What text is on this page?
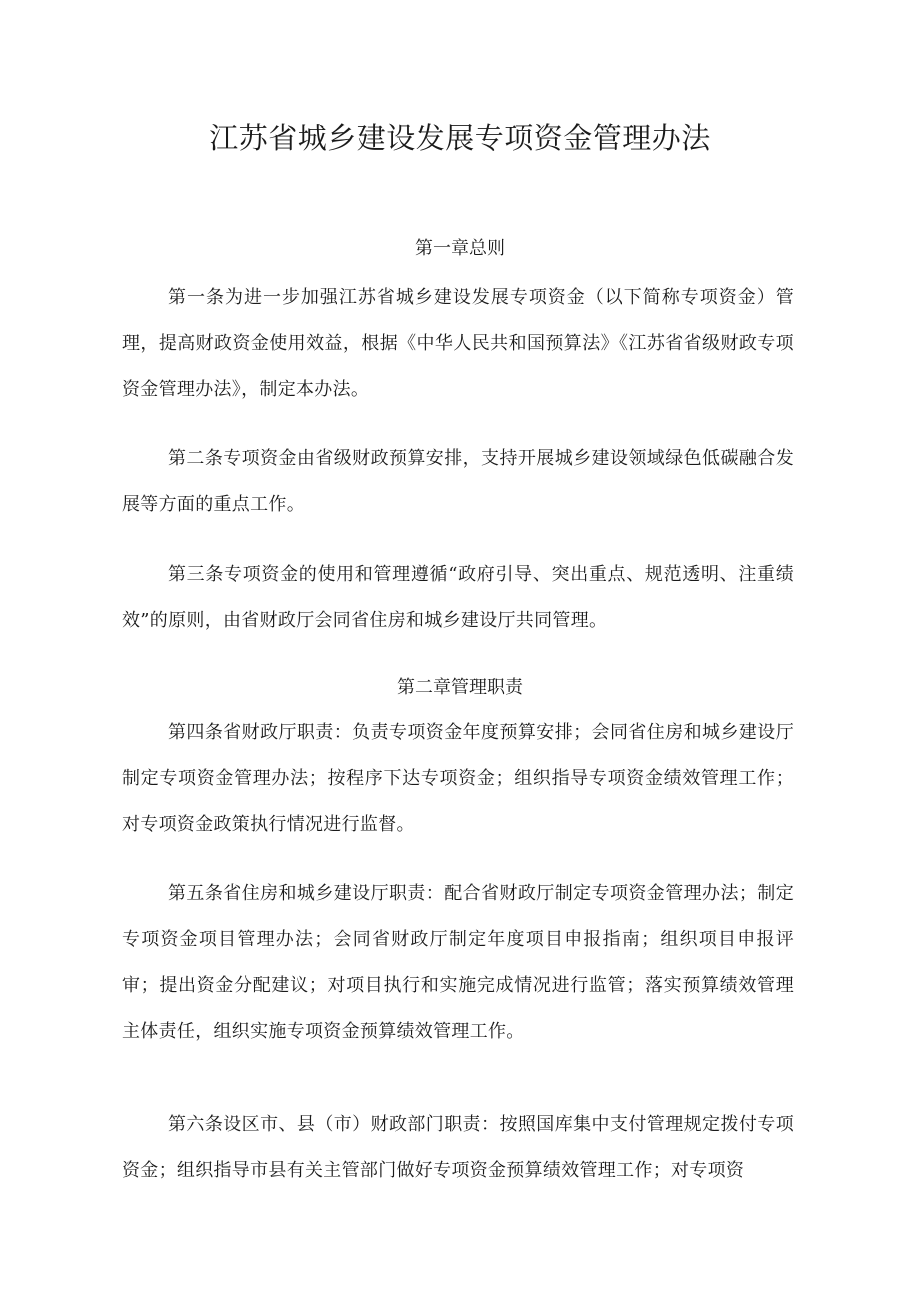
江苏省城乡建设发展专项资金管理办法
第一章总则

第一条为进一步加强江苏省城乡建设发展专项资金（以下简称专项资金）管理，提高财政资金使用效益，根据《中华人民共和国预算法》《江苏省省级财政专项资金管理办法》，制定本办法。

第二条专项资金由省级财政预算安排，支持开展城乡建设领域绿色低碳融合发展等方面的重点工作。

第三条专项资金的使用和管理遵循“政府引导、突出重点、规范透明、注重绩效”的原则，由省财政厅会同省住房和城乡建设厅共同管理。

第二章管理职责

第四条省财政厅职责：负责专项资金年度预算安排；会同省住房和城乡建设厅制定专项资金管理办法；按程序下达专项资金；组织指导专项资金绩效管理工作；对专项资金政策执行情况进行监督。

第五条省住房和城乡建设厅职责：配合省财政厅制定专项资金管理办法；制定专项资金项目管理办法；会同省财政厅制定年度项目申报指南；组织项目申报评审；提出资金分配建议；对项目执行和实施完成情况进行监管；落实预算绩效管理主体责任，组织实施专项资金预算绩效管理工作。

第六条设区市、县（市）财政部门职责：按照国库集中支付管理规定拨付专项资金；组织指导市县有关主管部门做好专项资金预算绩效管理工作；对专项资
